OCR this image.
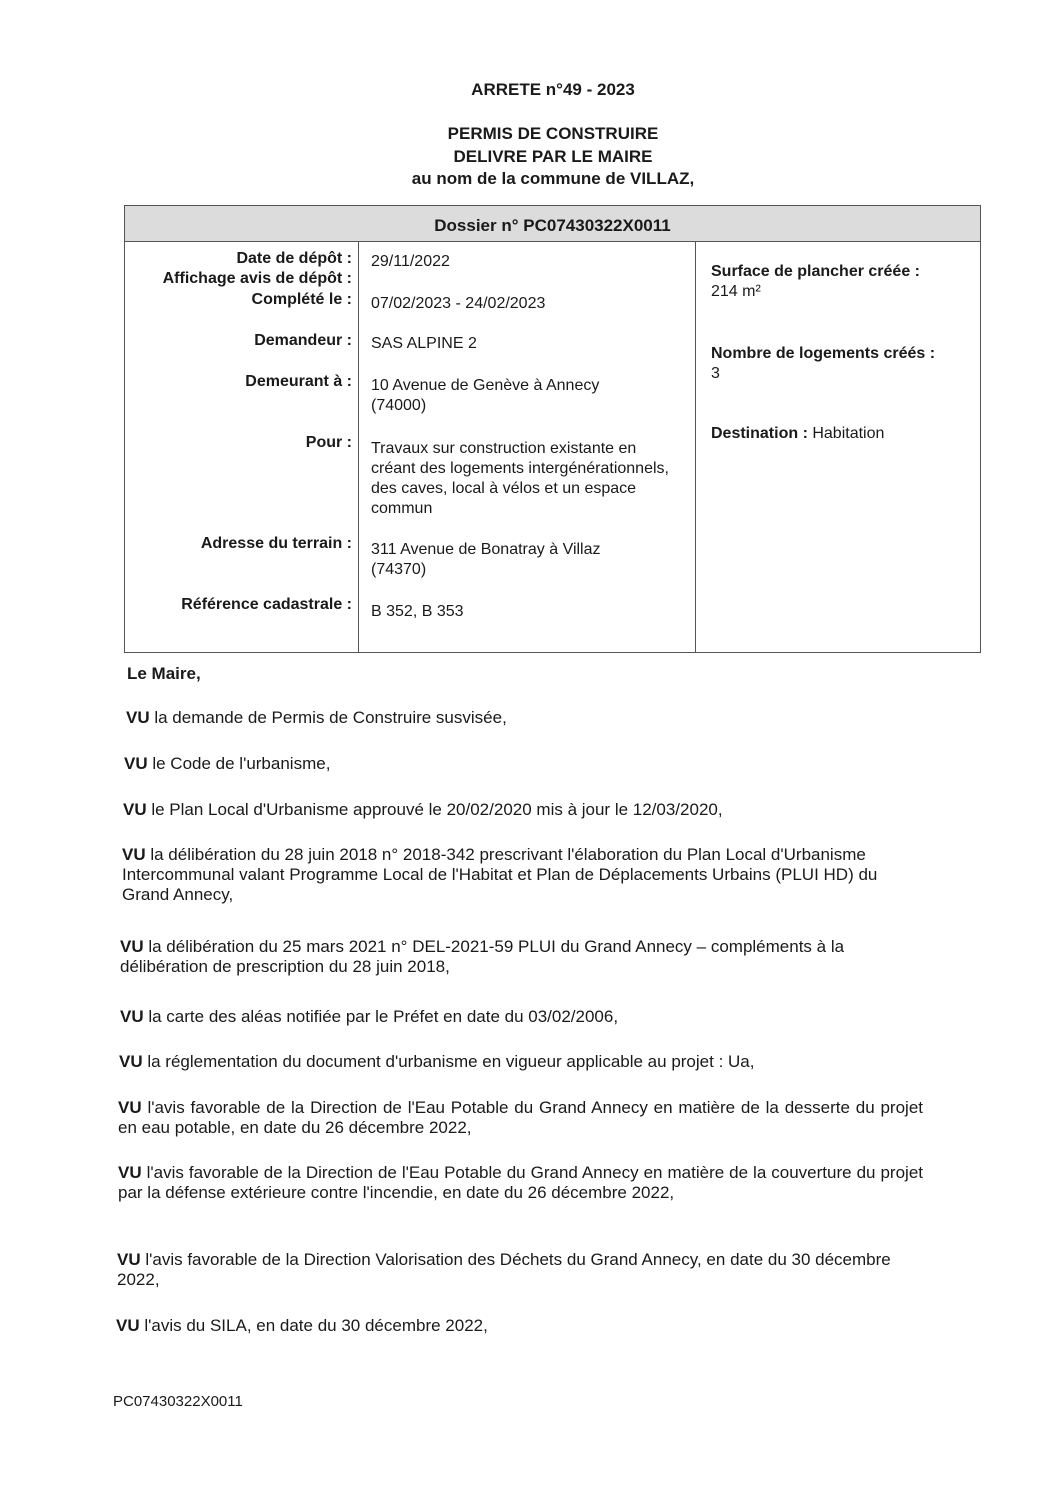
ARRETE n°49 - 2023
PERMIS DE CONSTRUIRE
DELIVRE PAR LE MAIRE
au nom de la commune de VILLAZ,
Dossier n° PC07430322X0011
Date de dépôt : 29/11/2022
Affichage avis de dépôt :
Complété le : 07/02/2023 - 24/02/2023
Demandeur : SAS ALPINE 2
Demeurant à : 10 Avenue de Genève à Annecy (74000)
Pour : Travaux sur construction existante en créant des logements intergénérationnels, des caves, local à vélos et un espace commun
Adresse du terrain : 311 Avenue de Bonatray à Villaz (74370)
Référence cadastrale : B 352, B 353
Surface de plancher créée :
214 m²
Nombre de logements créés :
3
Destination : Habitation
Le Maire,
VU la demande de Permis de Construire susvisée,
VU le Code de l'urbanisme,
VU le Plan Local d'Urbanisme approuvé le 20/02/2020 mis à jour le 12/03/2020,
VU la délibération du 28 juin 2018 n° 2018-342 prescrivant l'élaboration du Plan Local d'Urbanisme Intercommunal valant Programme Local de l'Habitat et Plan de Déplacements Urbains (PLUI HD) du Grand Annecy,
VU la délibération du 25 mars 2021 n° DEL-2021-59 PLUI du Grand Annecy – compléments à la délibération de prescription du 28 juin 2018,
VU la carte des aléas notifiée par le Préfet en date du 03/02/2006,
VU la réglementation du document d'urbanisme en vigueur applicable au projet : Ua,
VU l'avis favorable de la Direction de l'Eau Potable du Grand Annecy en matière de la desserte du projet en eau potable, en date du 26 décembre 2022,
VU l'avis favorable de la Direction de l'Eau Potable du Grand Annecy en matière de la couverture du projet par la défense extérieure contre l'incendie, en date du 26 décembre 2022,
VU l'avis favorable de la Direction Valorisation des Déchets du Grand Annecy, en date du 30 décembre 2022,
VU l'avis du SILA, en date du 30 décembre 2022,
PC07430322X0011
